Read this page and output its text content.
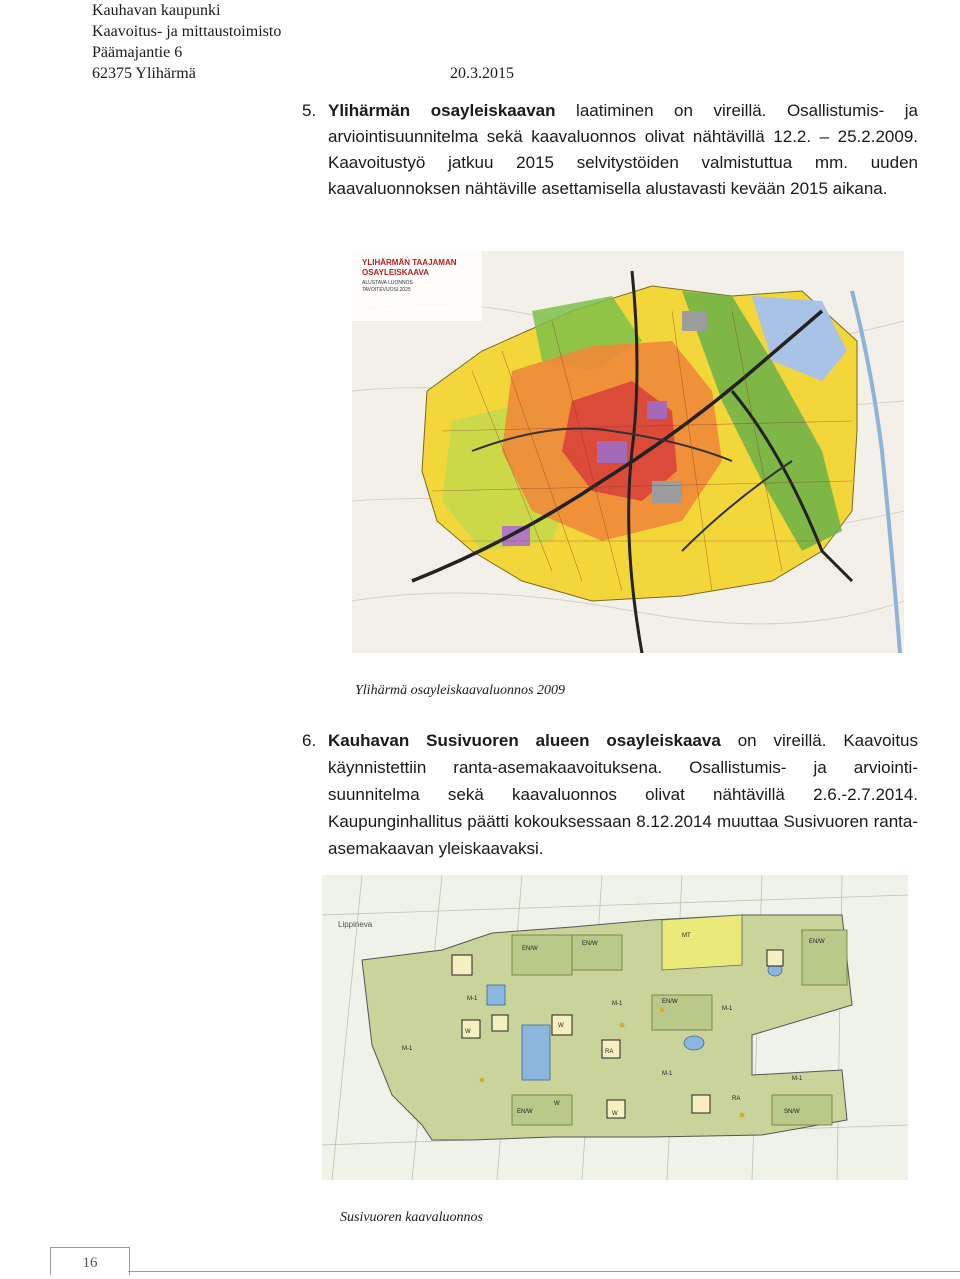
Kauhavan kaupunki
Kaavoitus- ja mittaustoimisto
Päämajantie 6
62375 Ylihärmä	20.3.2015
5. Ylihärmän osayleiskaavan laatiminen on vireillä. Osallistumis- ja arviointisuunnitelma sekä kaavaluonnos olivat nähtävillä 12.2. – 25.2.2009. Kaavoitustyö jatkuu 2015 selvitystöiden valmistuttua mm. uuden kaavaluonnoksen nähtäville asettamisella alustavasti kevään 2015 aikana.
YLIHÄRMÄN TAAJAMAN
OSAYLEISKAAVA
ALUSTAVA LUONNOS
TAVOITEVUOSI 2025
Ylihärmä osayleiskaavaluonnos 2009
6. Kauhavan Susivuoren alueen osayleiskaava on vireillä. Kaavoitus käynnistettiin ranta-asemakaavoituksena. Osallistumis- ja arviointi-suunnitelma sekä kaavaluonnos olivat nähtävillä 2.6.-2.7.2014. Kaupunginhallitus päätti kokouksessaan 8.12.2014 muuttaa Susivuoren ranta-asemakaavan yleiskaavaksi.
Lippineva
EN/W
EN/W
M-1
MT
EN/W
M-1
W
EN/W
M-1
W
RA
EN/W
W
M-1
RA
W	SN/W
M-1
M-1
Susivuoren kaavaluonnos
16
